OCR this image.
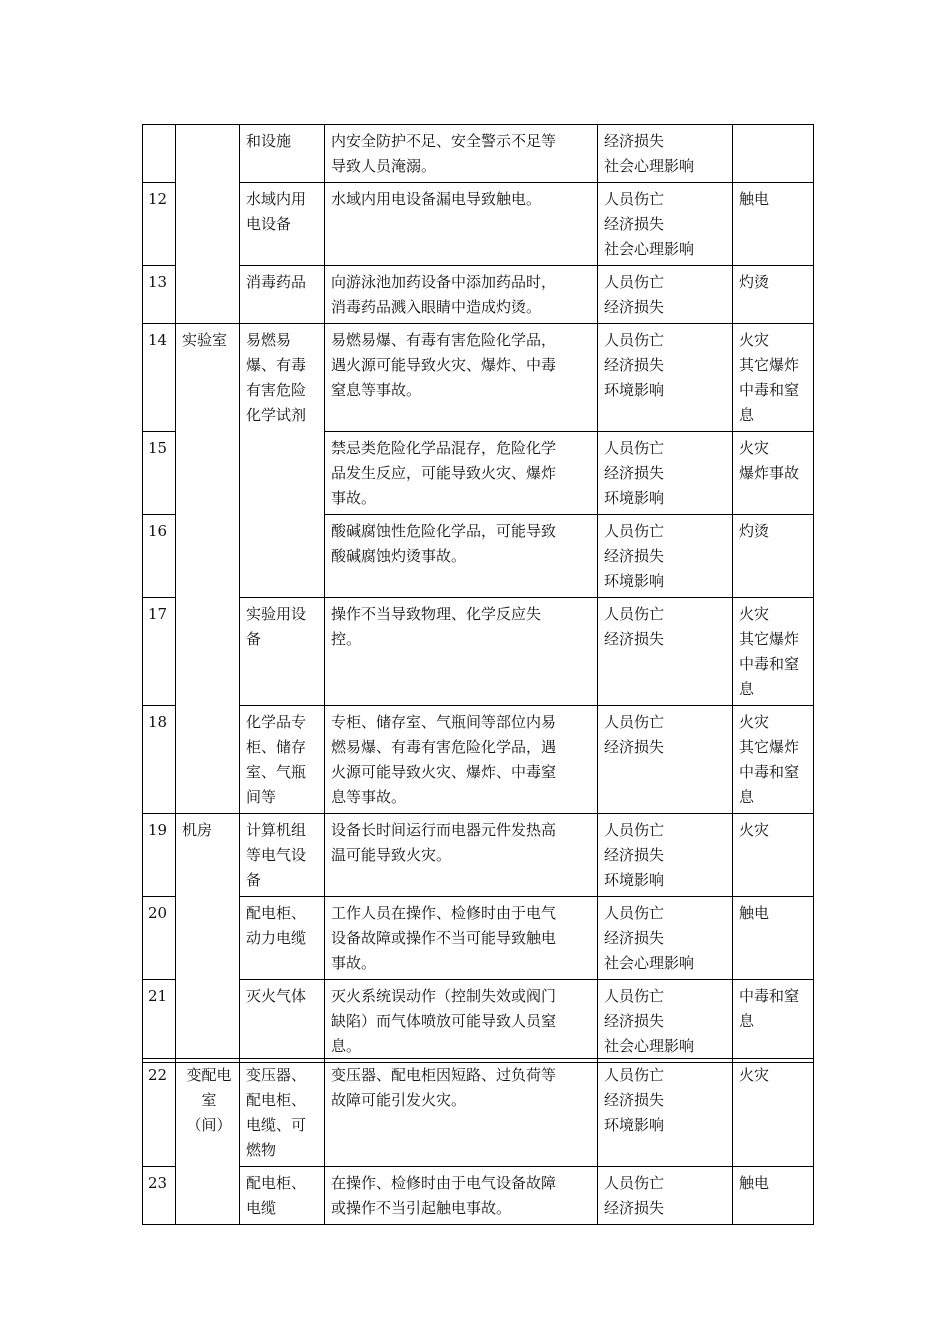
		和设施	内安全防护不足、安全警示不足等
导致人员淹溺。	经济损失
社会心理影响	

12		水域内用
电设备	水域内用电设备漏电导致触电。	人员伤亡
经济损失
社会心理影响	触电

13		消毒药品	向游泳池加药设备中添加药品时，
消毒药品溅入眼睛中造成灼烫。	人员伤亡
经济损失	灼烫

14	实验室	易燃易
爆、有毒
有害危险
化学试剂	易燃易爆、有毒有害危险化学品，
遇火源可能导致火灾、爆炸、中毒
窒息等事故。	人员伤亡
经济损失
环境影响	火灾
其它爆炸
中毒和窒
息

15			禁忌类危险化学品混存，危险化学
品发生反应，可能导致火灾、爆炸
事故。	人员伤亡
经济损失
环境影响	火灾
爆炸事故

16			酸碱腐蚀性危险化学品，可能导致
酸碱腐蚀灼烫事故。	人员伤亡
经济损失
环境影响	灼烫

17		实验用设
备	操作不当导致物理、化学反应失
控。	人员伤亡
经济损失	火灾
其它爆炸
中毒和窒
息

18		化学品专
柜、储存
室、气瓶
间等	专柜、储存室、气瓶间等部位内易
燃易爆、有毒有害危险化学品，遇
火源可能导致火灾、爆炸、中毒窒
息等事故。	人员伤亡
经济损失	火灾
其它爆炸
中毒和窒
息

19	机房	计算机组
等电气设
备	设备长时间运行而电器元件发热高
温可能导致火灾。	人员伤亡
经济损失
环境影响	火灾

20		配电柜、
动力电缆	工作人员在操作、检修时由于电气
设备故障或操作不当可能导致触电
事故。	人员伤亡
经济损失
社会心理影响	触电

21		灭火气体	灭火系统误动作（控制失效或阀门
缺陷）而气体喷放可能导致人员窒
息。	人员伤亡
经济损失
社会心理影响	中毒和窒
息
22	变配电
室
（间）	变压器、
配电柜、
电缆、可
燃物	变压器、配电柜因短路、过负荷等
故障可能引发火灾。	人员伤亡
经济损失
环境影响	火灾

23		配电柜、
电缆	在操作、检修时由于电气设备故障
或操作不当引起触电事故。	人员伤亡
经济损失	触电
